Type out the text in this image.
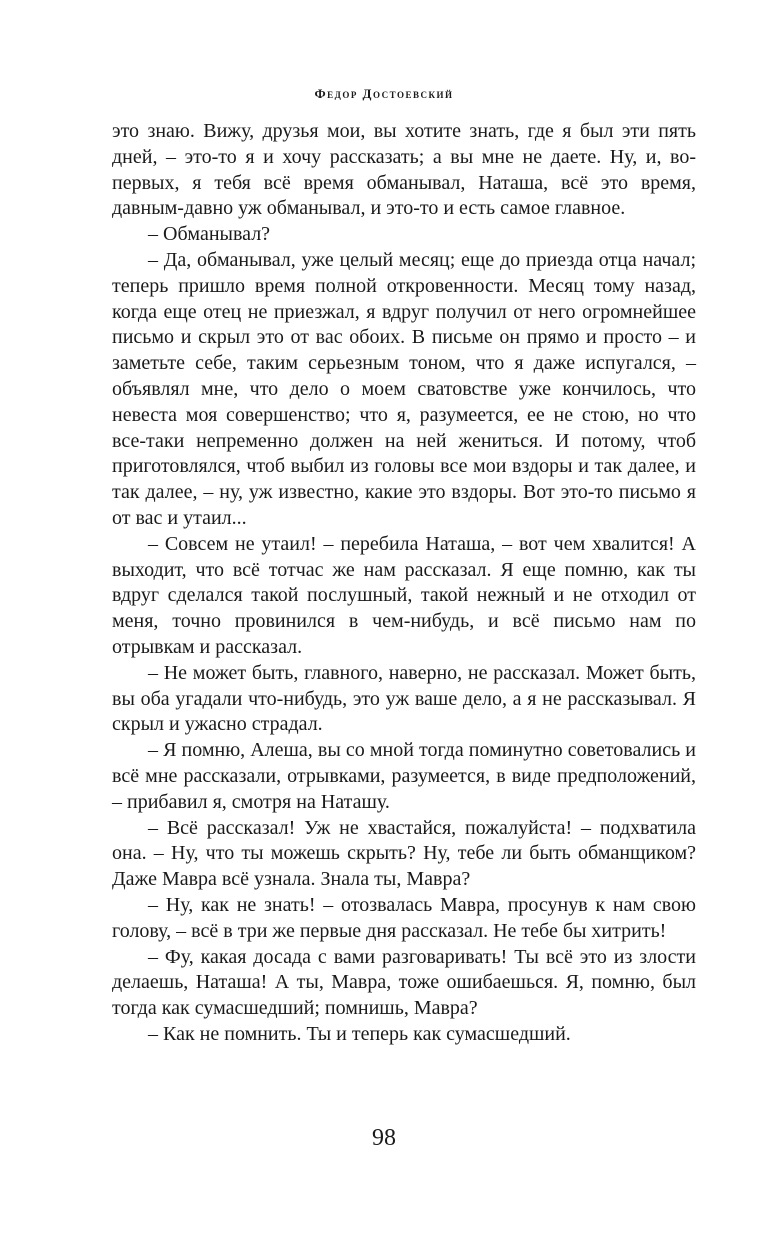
Федор Достоевский

это знаю. Вижу, друзья мои, вы хотите знать, где я был эти пять дней, – это-то я и хочу рассказать; а вы мне не даете. Ну, и, во-первых, я тебя всё время обманывал, Наташа, всё это время, давным-давно уж обманывал, и это-то и есть самое главное.

– Обманывал?

– Да, обманывал, уже целый месяц; еще до приезда отца начал; теперь пришло время полной откровенности. Месяц тому назад, когда еще отец не приезжал, я вдруг получил от него огромнейшее письмо и скрыл это от вас обоих. В письме он прямо и просто – и заметьте себе, таким серьезным тоном, что я даже испугался, – объявлял мне, что дело о моем сватовстве уже кончилось, что невеста моя совершенство; что я, разумеется, ее не стою, но что все-таки непременно должен на ней жениться. И потому, чтоб приготовлялся, чтоб выбил из головы все мои вздоры и так далее, и так далее, – ну, уж известно, какие это вздоры. Вот это-то письмо я от вас и утаил...

– Совсем не утаил! – перебила Наташа, – вот чем хвалится! А выходит, что всё тотчас же нам рассказал. Я еще помню, как ты вдруг сделался такой послушный, такой нежный и не отходил от меня, точно провинился в чем-нибудь, и всё письмо нам по отрывкам и рассказал.

– Не может быть, главного, наверно, не рассказал. Может быть, вы оба угадали что-нибудь, это уж ваше дело, а я не рассказывал. Я скрыл и ужасно страдал.

– Я помню, Алеша, вы со мной тогда поминутно советовались и всё мне рассказали, отрывками, разумеется, в виде предположений, – прибавил я, смотря на Наташу.

– Всё рассказал! Уж не хвастайся, пожалуйста! – подхватила она. – Ну, что ты можешь скрыть? Ну, тебе ли быть обманщиком? Даже Мавра всё узнала. Знала ты, Мавра?

– Ну, как не знать! – отозвалась Мавра, просунув к нам свою голову, – всё в три же первые дня рассказал. Не тебе бы хитрить!

– Фу, какая досада с вами разговаривать! Ты всё это из злости делаешь, Наташа! А ты, Мавра, тоже ошибаешься. Я, помню, был тогда как сумасшедший; помнишь, Мавра?

– Как не помнить. Ты и теперь как сумасшедший.

98
